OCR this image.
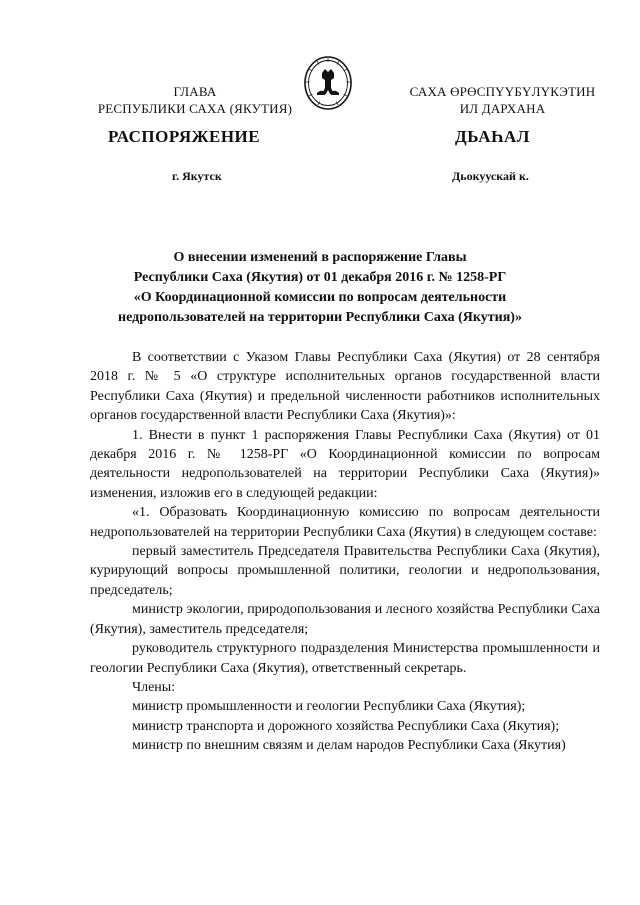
ГЛАВА
РЕСПУБЛИКИ САХА (ЯКУТИЯ)
САХА ӨРӨСПҮҮБҮЛҮКЭТИН
ИЛ ДАРХАНА
РАСПОРЯЖЕНИЕ	ДЬАҺАЛ
г. Якутск	Дьокуускай к.
О внесении изменений в распоряжение Главы
Республики Саха (Якутия) от 01 декабря 2016 г. № 1258-РГ
«О Координационной комиссии по вопросам деятельности
недропользователей на территории Республики Саха (Якутия)»

В соответствии с Указом Главы Республики Саха (Якутия) от 28 сентября 2018 г. № 5 «О структуре исполнительных органов государственной власти Республики Саха (Якутия) и предельной численности работников исполнительных органов государственной власти Республики Саха (Якутия)»:

1. Внести в пункт 1 распоряжения Главы Республики Саха (Якутия) от 01 декабря 2016 г. № 1258-РГ «О Координационной комиссии по вопросам деятельности недропользователей на территории Республики Саха (Якутия)» изменения, изложив его в следующей редакции:

«1. Образовать Координационную комиссию по вопросам деятельности недропользователей на территории Республики Саха (Якутия) в следующем составе:

первый заместитель Председателя Правительства Республики Саха (Якутия), курирующий вопросы промышленной политики, геологии и недропользования, председатель;

министр экологии, природопользования и лесного хозяйства Республики Саха (Якутия), заместитель председателя;

руководитель структурного подразделения Министерства промышленности и геологии Республики Саха (Якутия), ответственный секретарь.

Члены:

министр промышленности и геологии Республики Саха (Якутия);

министр транспорта и дорожного хозяйства Республики Саха (Якутия);

министр по внешним связям и делам народов Республики Саха (Якутия)
